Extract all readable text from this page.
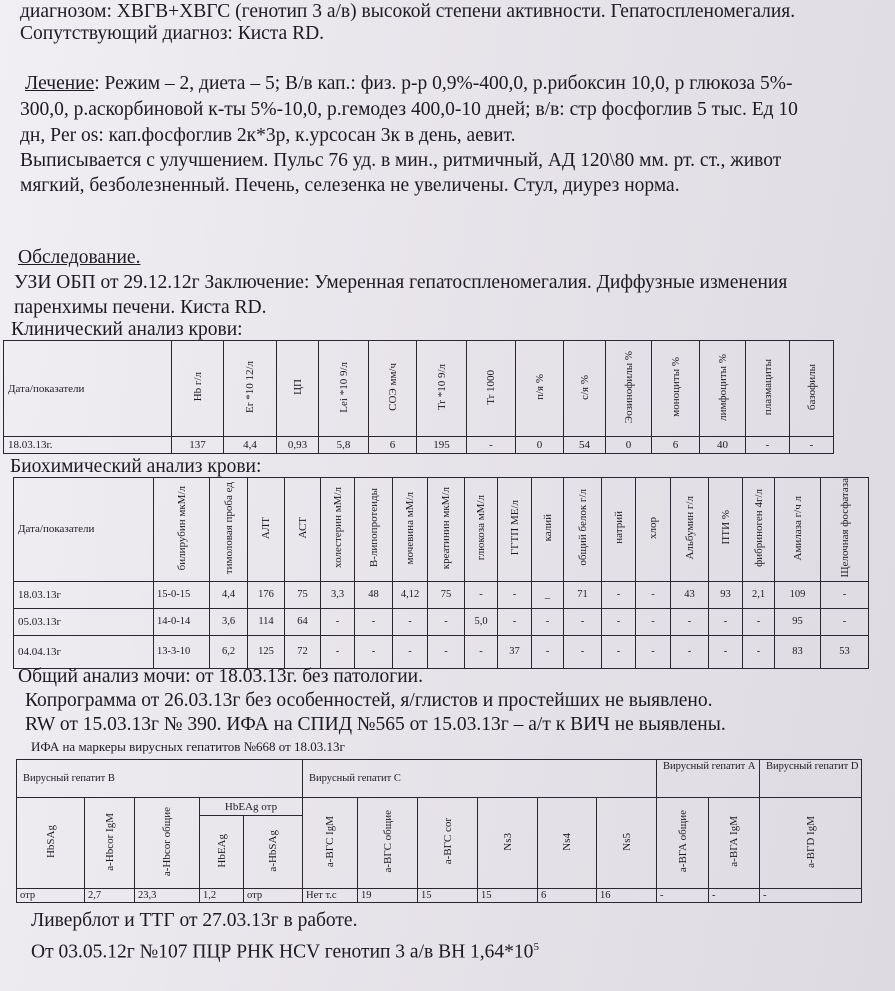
диагнозом: ХВГВ+ХВГС (генотип 3 а/в) высокой степени активности. Гепатоспленомегалия.
Сопутствующий диагноз: Киста RD.
Лечение: Режим – 2, диета – 5; В/в кап.: физ. р-р 0,9%-400,0, р.рибоксин 10,0, р глюкоза 5%-
300,0, р.аскорбиновой к-ты 5%-10,0, р.гемодез 400,0-10 дней; в/в: стр фосфоглив 5 тыс. Ед 10
дн, Per os: кап.фосфоглив 2к*3р, к.урсосан 3к в день, аевит.
Выписывается с улучшением. Пульс 76 уд. в мин., ритмичный, АД 120\80 мм. рт. ст., живот
мягкий, безболезненный. Печень, селезенка не увеличены. Стул, диурез норма.
Обследование.
УЗИ ОБП от 29.12.12г Заключение: Умеренная гепатоспленомегалия. Диффузные изменения
паренхимы печени. Киста RD.
Клинический анализ крови:
Дата/показатели	Hb г/л	Er *10 12/л	ЦП	Lei *10 9/л	СОЭ мм/ч	Tr *10 9/л	Tr 1000	п/я %	с/я %	Эозинофилы %	моноциты %	лимфоциты %	плазмациты	базофилы
18.03.13г.	137	4,4	0,93	5,8	6	195	-	0	54	0	6	40	-	-
Биохимический анализ крови:
Дата/показатели	билирубин мкМ/л	тимоловая проба ед	АЛТ	АСТ	холестерин мМ/л	В-липопротеиды	мочевина мМ/л	креатинин мкМ/л	глюкоза мМ/л	ГГТП МЕ/л	калий	общий белок г/л	натрий	хлор	Альбумин г/л	ПТИ %	фибриноген 4г/л	Амилаза г/ч л	Щелочная фосфатаза
18.03.13г	15-0-15	4,4	176	75	3,3	48	4,12	75	-	-	_	71	-	-	43	93	2,1	109	-
05.03.13г	14-0-14	3,6	114	64	-	-	-	-	5,0	-	-	-	-	-	-	-	-	95	-
04.04.13г	13-3-10	6,2	125	72	-	-	-	-	-	37	-	-	-	-	-	-	-	83	53
Общий анализ мочи: от 18.03.13г. без патологии.
Копрограмма от 26.03.13г без особенностей, я/глистов и простейших не выявлено.
RW от 15.03.13г № 390. ИФА на СПИД №565 от 15.03.13г – а/т к ВИЧ не выявлены.
ИФА на маркеры вирусных гепатитов №668 от 18.03.13г
Вирусный гепатит В					Вирусный гепатит С						Вирусный гепатит А		Вирусный гепатит D
HbSAg	a-Hbcor IgM	a-Hbcor общие	HbEAg отр		a-ВГС IgM	a-ВГС общие	a-ВГС cor	Ns3	Ns4	Ns5	a-ВГА общие	a-ВГА IgM	a-ВГD IgM
			HbEAg	a-HbSAg									
отр	2,7	23,3	1,2	отр	Нет т.с	19	15	15	6	16	-	-	-
Ливерблот и ТТГ от 27.03.13г в работе.
От 03.05.12г №107 ПЦР РНК HCV генотип 3 а/в ВН $1,64*10^5$
